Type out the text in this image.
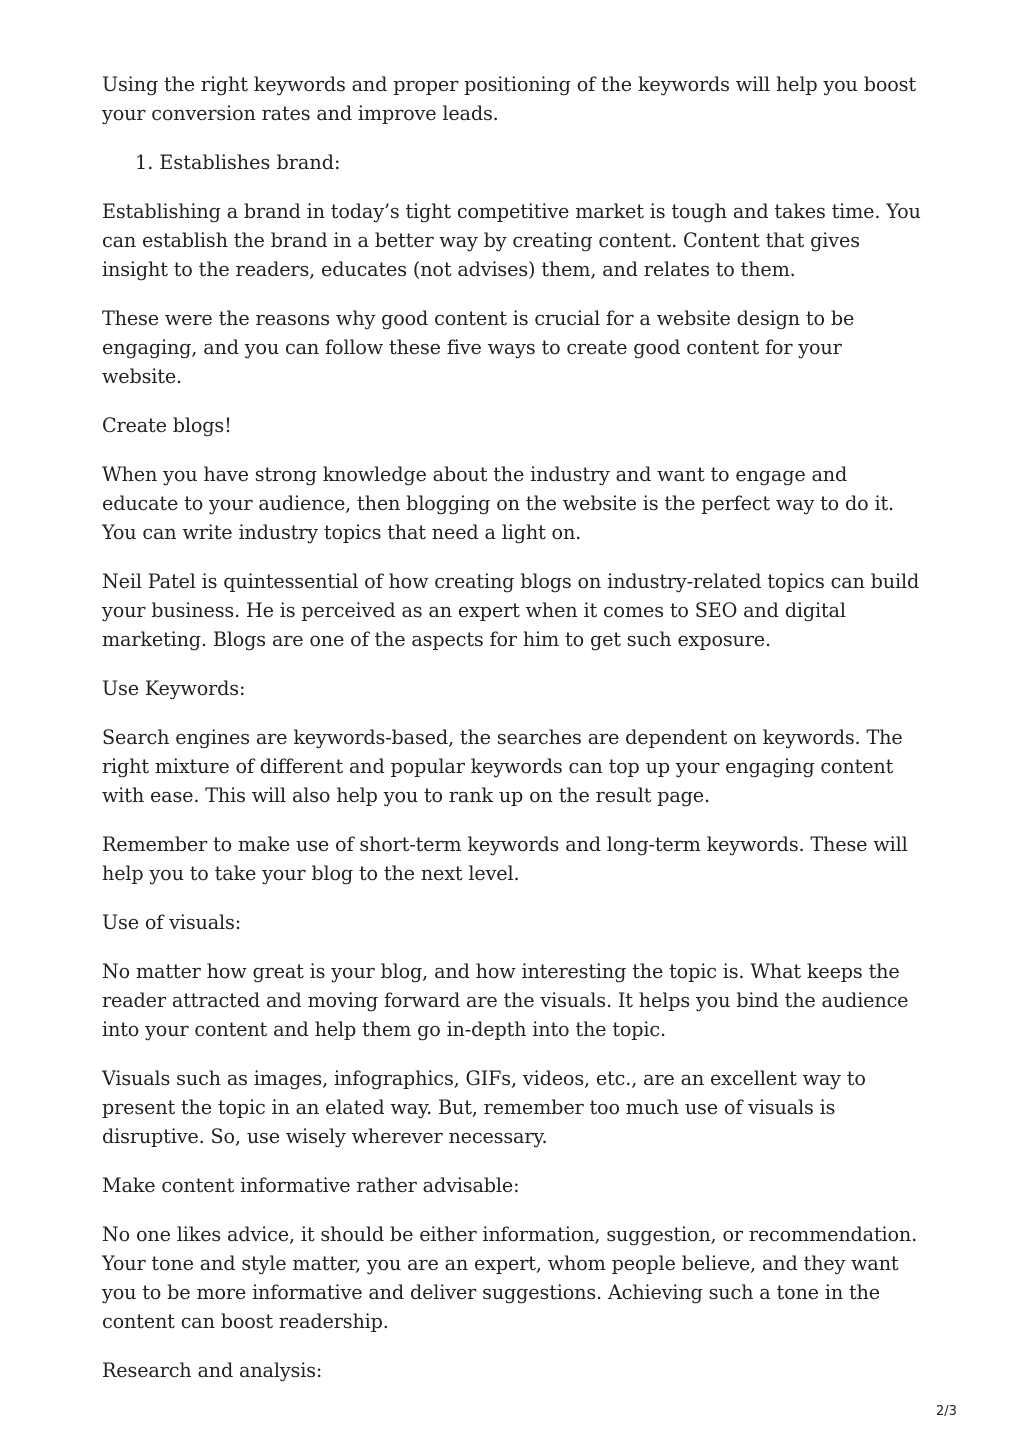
Using the right keywords and proper positioning of the keywords will help you boost your conversion rates and improve leads.

1. Establishes brand:

Establishing a brand in today’s tight competitive market is tough and takes time. You can establish the brand in a better way by creating content. Content that gives insight to the readers, educates (not advises) them, and relates to them.

These were the reasons why good content is crucial for a website design to be engaging, and you can follow these five ways to create good content for your website.

Create blogs!

When you have strong knowledge about the industry and want to engage and educate to your audience, then blogging on the website is the perfect way to do it. You can write industry topics that need a light on.

Neil Patel is quintessential of how creating blogs on industry-related topics can build your business. He is perceived as an expert when it comes to SEO and digital marketing. Blogs are one of the aspects for him to get such exposure.

Use Keywords:

Search engines are keywords-based, the searches are dependent on keywords. The right mixture of different and popular keywords can top up your engaging content with ease. This will also help you to rank up on the result page.

Remember to make use of short-term keywords and long-term keywords. These will help you to take your blog to the next level.

Use of visuals:

No matter how great is your blog, and how interesting the topic is. What keeps the reader attracted and moving forward are the visuals. It helps you bind the audience into your content and help them go in-depth into the topic.

Visuals such as images, infographics, GIFs, videos, etc., are an excellent way to present the topic in an elated way. But, remember too much use of visuals is disruptive. So, use wisely wherever necessary.

Make content informative rather advisable:

No one likes advice, it should be either information, suggestion, or recommendation. Your tone and style matter, you are an expert, whom people believe, and they want you to be more informative and deliver suggestions. Achieving such a tone in the content can boost readership.

Research and analysis:

2/3
